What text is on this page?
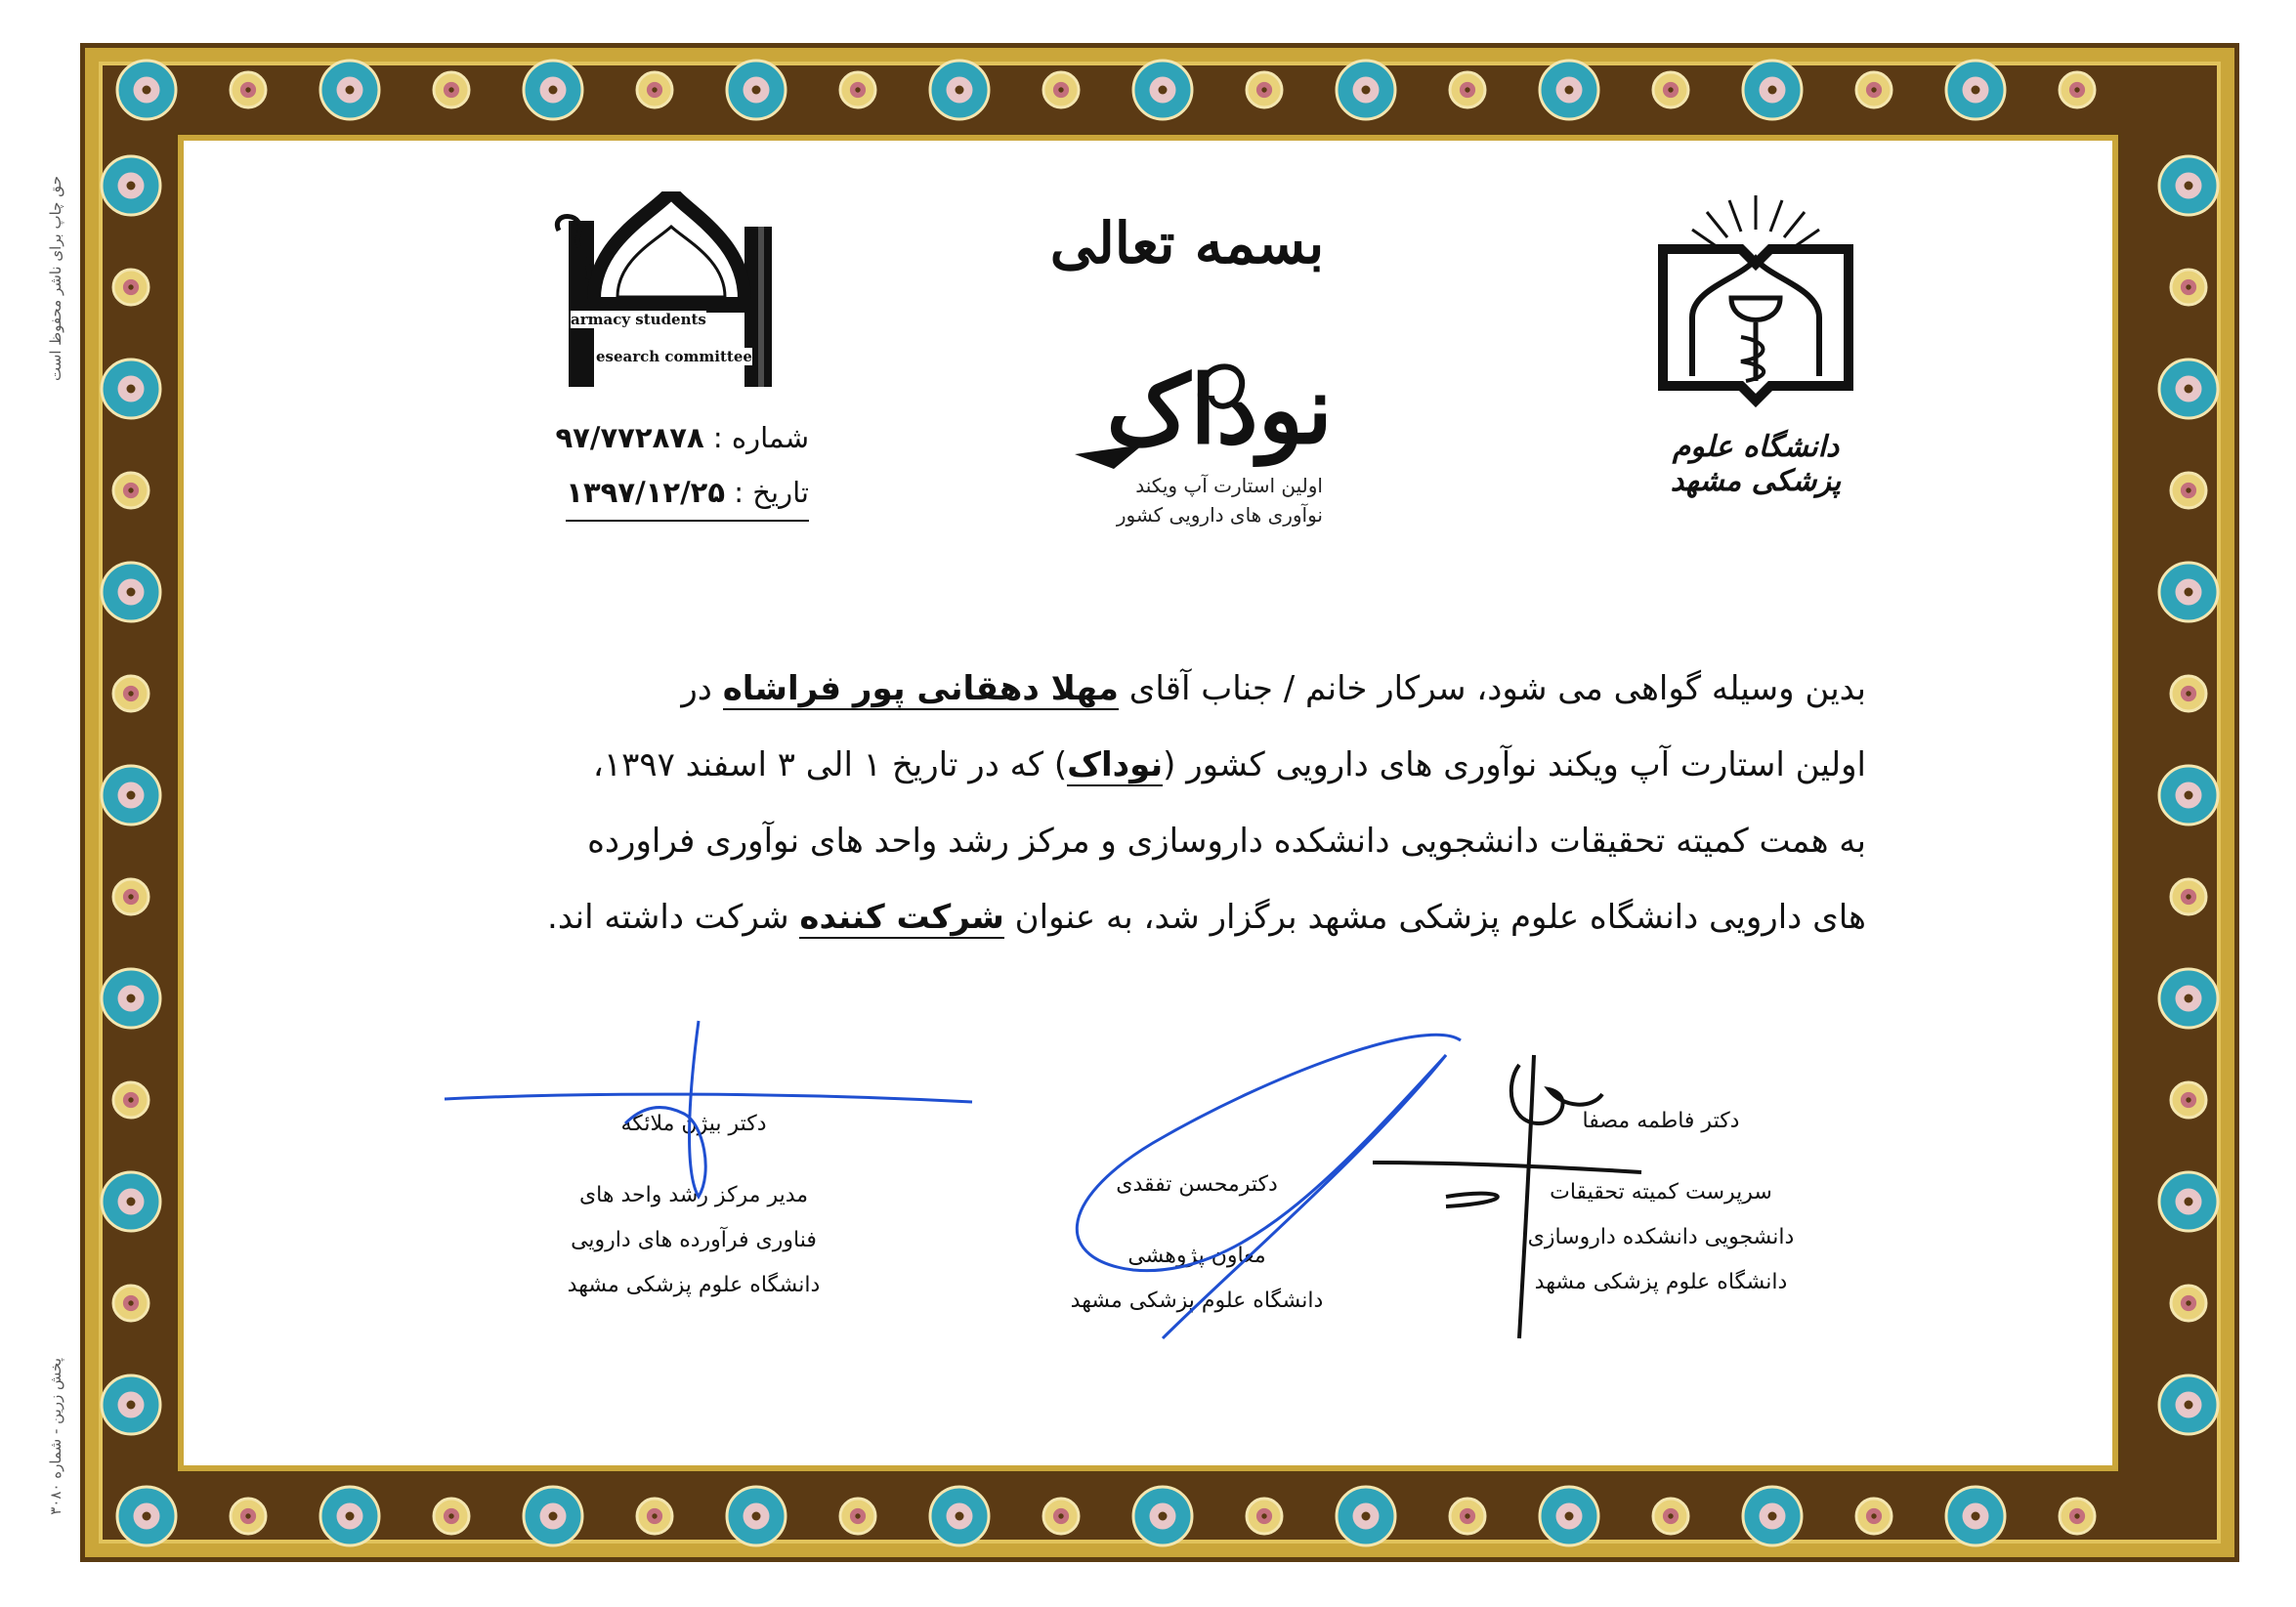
حق چاپ برای ناشر محفوظ است
پخش زرین - شماره ۳۰۸۰
بسمه تعالی
نوداک
اولین استارت آپ ویکند
نوآوری های دارویی کشور
armacy students
esearch committee
شماره : ۹۷/۷۷۲۸۷۸
تاریخ : ۱۳۹۷/۱۲/۲۵
دانشگاه علوم پزشکی مشهد
بدین وسیله گواهی می شود، سرکار خانم / جناب آقای مهلا دهقانی پور فراشاه در
اولین استارت آپ ویکند نوآوری های دارویی کشور (نوداک) که در تاریخ ۱ الی ۳ اسفند ۱۳۹۷،
به همت کمیته تحقیقات دانشجویی دانشکده داروسازی و مرکز رشد واحد های نوآوری فراورده
های دارویی دانشگاه علوم پزشکی مشهد برگزار شد، به عنوان شرکت کننده شرکت داشته اند.
دکتر فاطمه مصفا
سرپرست کمیته تحقیقات
دانشجویی دانشکده داروسازی
دانشگاه علوم پزشکی مشهد
دکترمحسن تفقدی
معاون پژوهشی
دانشگاه علوم پزشکی مشهد
دکتر بیژن ملائکه
مدیر مرکز رشد واحد های
فناوری فرآورده های دارویی
دانشگاه علوم پزشکی مشهد
